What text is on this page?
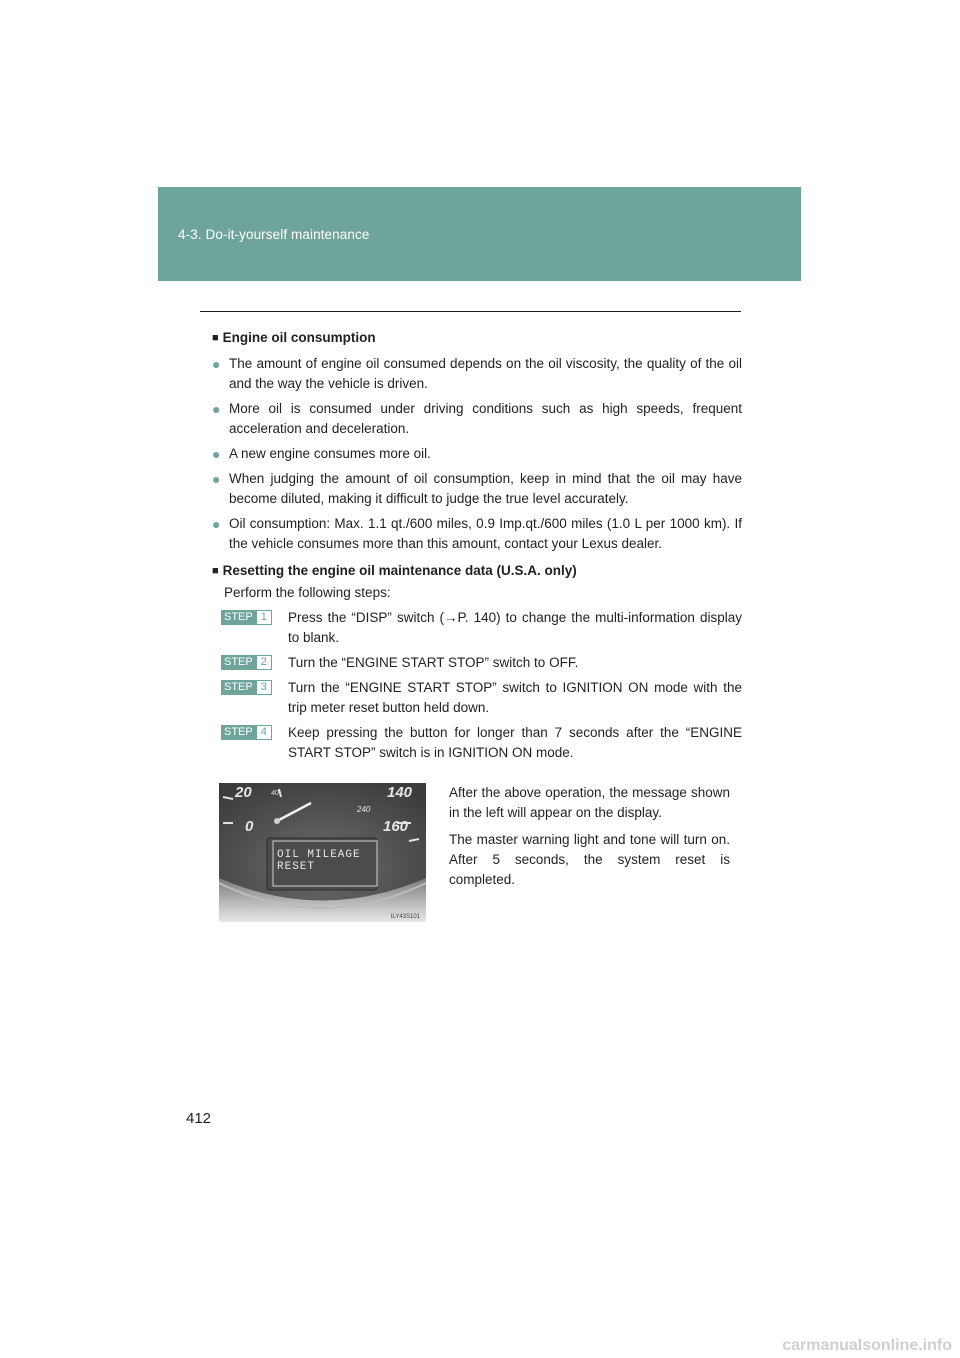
4-3. Do-it-yourself maintenance
■ Engine oil consumption
● The amount of engine oil consumed depends on the oil viscosity, the quality of the oil and the way the vehicle is driven.
● More oil is consumed under driving conditions such as high speeds, frequent acceleration and deceleration.
● A new engine consumes more oil.
● When judging the amount of oil consumption, keep in mind that the oil may have become diluted, making it difficult to judge the true level accurately.
● Oil consumption: Max. 1.1 qt./600 miles, 0.9 Imp.qt./600 miles (1.0 L per 1000 km). If the vehicle consumes more than this amount, contact your Lexus dealer.
■ Resetting the engine oil maintenance data (U.S.A. only)
Perform the following steps:
STEP 1	Press the “DISP” switch (→P. 140) to change the multi-information display to blank.
STEP 2	Turn the “ENGINE START STOP” switch to OFF.
STEP 3	Turn the “ENGINE START STOP” switch to IGNITION ON mode with the trip meter reset button held down.
STEP 4	Keep pressing the button for longer than 7 seconds after the “ENGINE START STOP” switch is in IGNITION ON mode.
20	40
0
140
240
160
OIL MILEAGE
RESET
ILY43S101

After the above operation, the message shown in the left will appear on the display.

The master warning light and tone will turn on. After 5 seconds, the system reset is completed.

412
carmanualsonline.info
